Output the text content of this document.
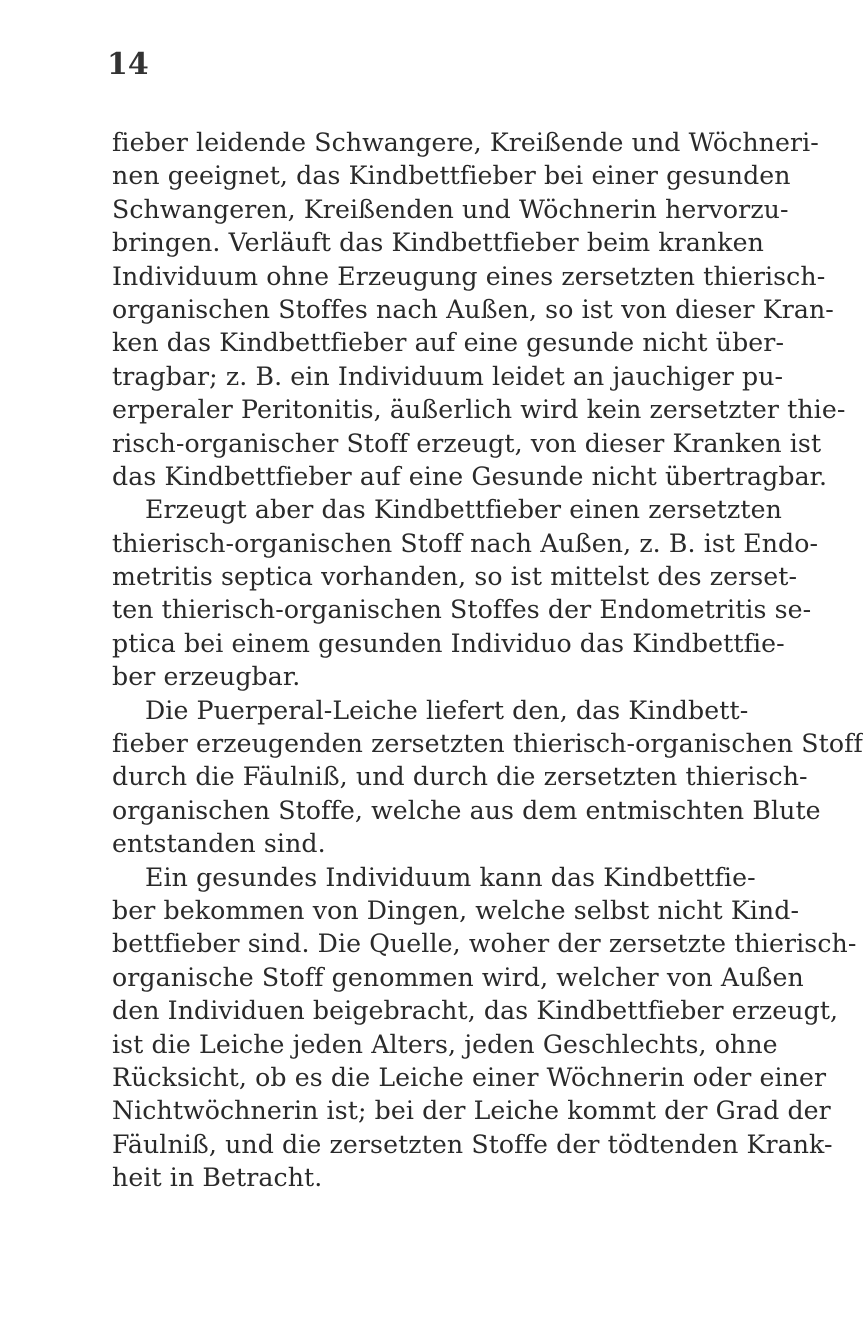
14
fieber leidende Schwangere, Kreißende und Wöchneri-
nen geeignet, das Kindbettfieber bei einer gesunden
Schwangeren, Kreißenden und Wöchnerin hervorzu-
bringen. Verläuft das Kindbettfieber beim kranken
Individuum ohne Erzeugung eines zersetzten thierisch-
organischen Stoffes nach Außen, so ist von dieser Kran-
ken das Kindbettfieber auf eine gesunde nicht über-
tragbar; z. B. ein Individuum leidet an jauchiger pu-
erperaler Peritonitis, äußerlich wird kein zersetzter thie-
risch-organischer Stoff erzeugt, von dieser Kranken ist
das Kindbettfieber auf eine Gesunde nicht übertragbar.
Erzeugt aber das Kindbettfieber einen zersetzten
thierisch-organischen Stoff nach Außen, z. B. ist Endo-
metritis septica vorhanden, so ist mittelst des zerset-
ten thierisch-organischen Stoffes der Endometritis se-
ptica bei einem gesunden Individuo das Kindbettfie-
ber erzeugbar.
Die Puerperal-Leiche liefert den, das Kindbett-
fieber erzeugenden zersetzten thierisch-organischen Stoff
durch die Fäulniß, und durch die zersetzten thierisch-
organischen Stoffe, welche aus dem entmischten Blute
entstanden sind.
Ein gesundes Individuum kann das Kindbettfie-
ber bekommen von Dingen, welche selbst nicht Kind-
bettfieber sind. Die Quelle, woher der zersetzte thierisch-
organische Stoff genommen wird, welcher von Außen
den Individuen beigebracht, das Kindbettfieber erzeugt,
ist die Leiche jeden Alters, jeden Geschlechts, ohne
Rücksicht, ob es die Leiche einer Wöchnerin oder einer
Nichtwöchnerin ist; bei der Leiche kommt der Grad der
Fäulniß, und die zersetzten Stoffe der tödtenden Krank-
heit in Betracht.
